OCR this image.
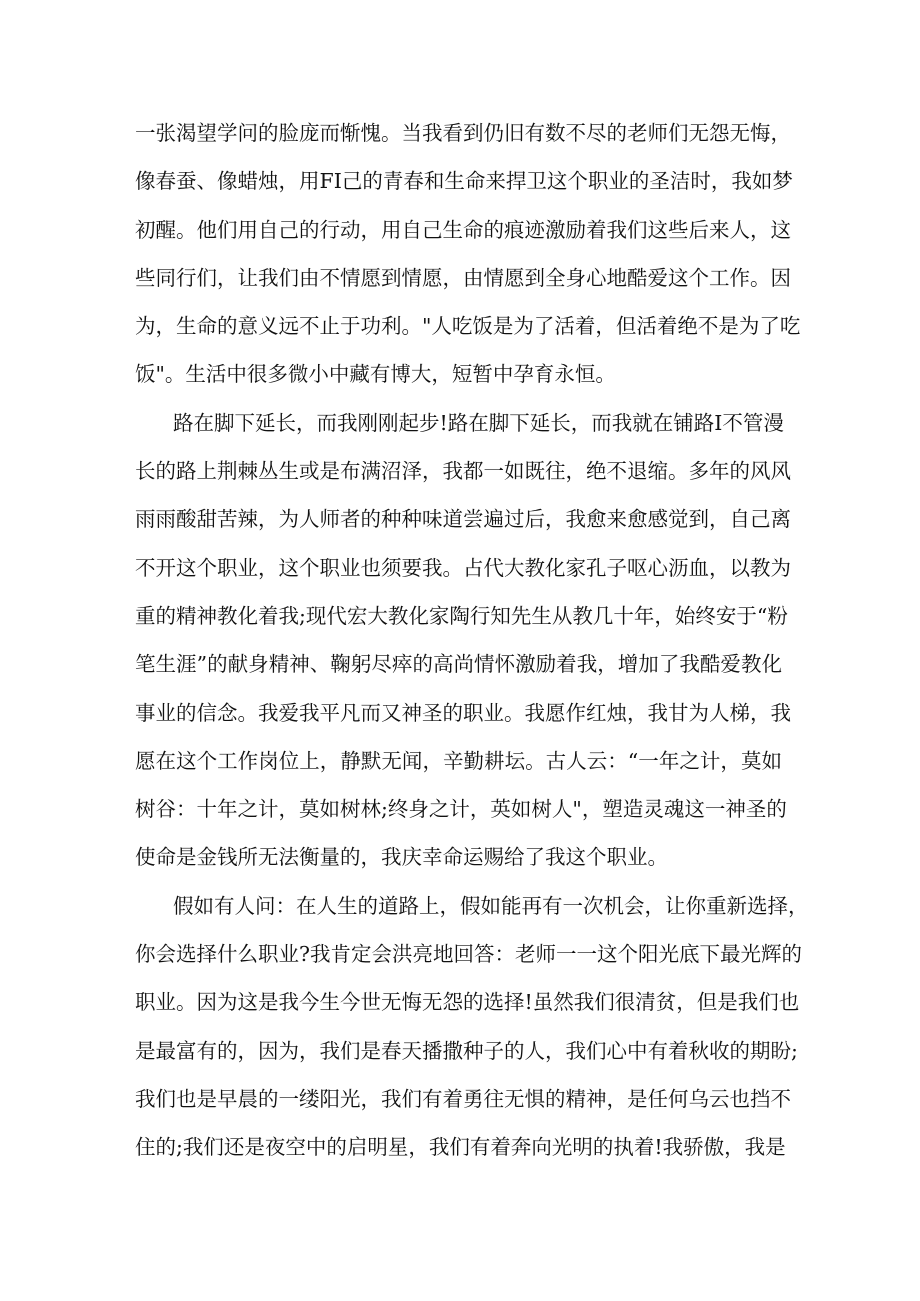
一张渴望学问的脸庞而惭愧。当我看到仍旧有数不尽的老师们无怨无悔，
像春蚕、像蜡烛，用FI己的青春和生命来捍卫这个职业的圣洁时，我如梦
初醒。他们用自己的行动，用自己生命的痕迹激励着我们这些后来人，这
些同行们，让我们由不情愿到情愿，由情愿到全身心地酷爱这个工作。因
为，生命的意义远不止于功利。"人吃饭是为了活着，但活着绝不是为了吃
饭"。生活中很多微小中藏有博大，短暂中孕育永恒。
路在脚下延长，而我刚刚起步!路在脚下延长，而我就在铺路I不管漫
长的路上荆棘丛生或是布满沼泽，我都一如既往，绝不退缩。多年的风风
雨雨酸甜苦辣，为人师者的种种味道尝遍过后，我愈来愈感觉到，自己离
不开这个职业，这个职业也须要我。占代大教化家孔子呕心沥血，以教为
重的精神教化着我;现代宏大教化家陶行知先生从教几十年，始终安于“粉
笔生涯”的献身精神、鞠躬尽瘁的高尚情怀激励着我，增加了我酷爱教化
事业的信念。我爱我平凡而又神圣的职业。我愿作红烛，我甘为人梯，我
愿在这个工作岗位上，静默无闻，辛勤耕坛。古人云：“一年之计，莫如
树谷：十年之计，莫如树林;终身之计，英如树人"，塑造灵魂这一神圣的
使命是金钱所无法衡量的，我庆幸命运赐给了我这个职业。
假如有人问：在人生的道路上，假如能再有一次机会，让你重新选择，
你会选择什么职业?我肯定会洪亮地回答：老师一一这个阳光底下最光辉的
职业。因为这是我今生今世无悔无怨的选择!虽然我们很清贫，但是我们也
是最富有的，因为，我们是春天播撒种子的人，我们心中有着秋收的期盼;
我们也是早晨的一缕阳光，我们有着勇往无惧的精神，是任何乌云也挡不
住的;我们还是夜空中的启明星，我们有着奔向光明的执着!我骄傲，我是
